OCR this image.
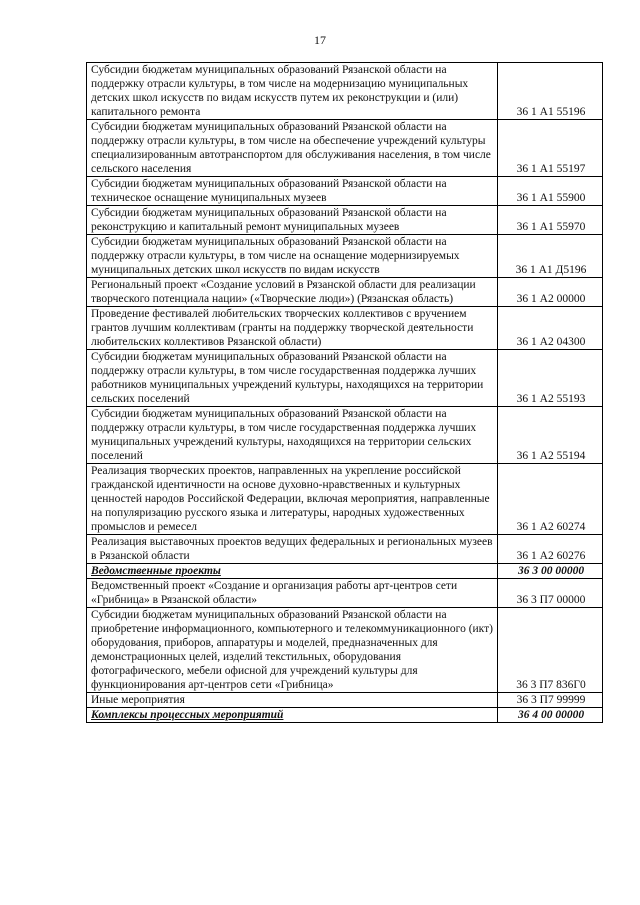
17
Субсидии бюджетам муниципальных образований Рязанской области на поддержку отрасли культуры, в том числе на модернизацию муниципальных детских школ искусств по видам искусств путем их реконструкции и (или) капитального ремонта	36 1 А1 55196
Субсидии бюджетам муниципальных образований Рязанской области на поддержку отрасли культуры, в том числе на обеспечение учреждений культуры специализированным автотранспортом для обслуживания населения, в том числе сельского населения	36 1 А1 55197
Субсидии бюджетам муниципальных образований Рязанской области на техническое оснащение муниципальных музеев	36 1 А1 55900
Субсидии бюджетам муниципальных образований Рязанской области на реконструкцию и капитальный ремонт муниципальных музеев	36 1 А1 55970
Субсидии бюджетам муниципальных образований Рязанской области на поддержку отрасли культуры, в том числе на оснащение модернизируемых муниципальных детских школ искусств по видам искусств	36 1 А1 Д5196
Региональный проект «Создание условий в Рязанской области для реализации творческого потенциала нации» («Творческие люди») (Рязанская область)	36 1 А2 00000
Проведение фестивалей любительских творческих коллективов с вручением грантов лучшим коллективам (гранты на поддержку творческой деятельности любительских коллективов Рязанской области)	36 1 А2 04300
Субсидии бюджетам муниципальных образований Рязанской области на поддержку отрасли культуры, в том числе государственная поддержка лучших работников муниципальных учреждений культуры, находящихся на территории сельских поселений	36 1 А2 55193
Субсидии бюджетам муниципальных образований Рязанской области на поддержку отрасли культуры, в том числе государственная поддержка лучших муниципальных учреждений культуры, находящихся на территории сельских поселений	36 1 А2 55194
Реализация творческих проектов, направленных на укрепление российской гражданской идентичности на основе духовно-нравственных и культурных ценностей народов Российской Федерации, включая мероприятия, направленные на популяризацию русского языка и литературы, народных художественных промыслов и ремесел	36 1 А2 60274
Реализация выставочных проектов ведущих федеральных и региональных музеев в Рязанской области	36 1 А2 60276
Ведомственные проекты	36 3 00 00000
Ведомственный проект «Создание и организация работы арт-центров сети «Грибница» в Рязанской области»	36 3 П7 00000
Субсидии бюджетам муниципальных образований Рязанской области на приобретение информационного, компьютерного и телекоммуникационного (икт) оборудования, приборов, аппаратуры и моделей, предназначенных для демонстрационных целей, изделий текстильных, оборудования фотографического, мебели офисной для учреждений культуры для функционирования арт-центров сети «Грибница»	36 3 П7 836Г0
Иные мероприятия	36 3 П7 99999
Комплексы процессных мероприятий	36 4 00 00000
